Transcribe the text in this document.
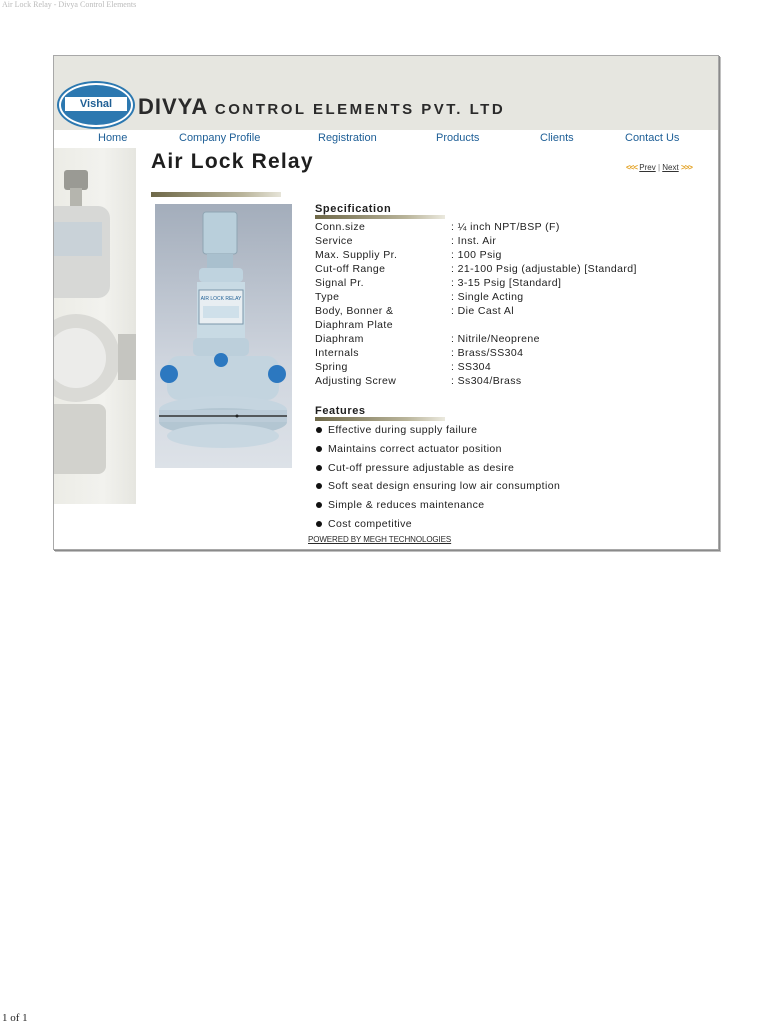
Air Lock Relay - Divya Control Elements
Vishal	DIVYA CONTROL ELEMENTS PVT. LTD
Home	Company Profile	Registration	Products	Clients	Contact Us
Air Lock Relay	<<< Prev | Next >>>
AIR LOCK RELAY
Specification
Conn.size	: ¼ inch NPT/BSP (F)
Service	: Inst. Air
Max. Suppliy Pr.	: 100 Psig
Cut-off Range	: 21-100 Psig (adjustable) [Standard]
Signal Pr.	: 3-15 Psig [Standard]
Type	: Single Acting
Body, Bonner &	: Die Cast Al
Diaphram Plate
Diaphram	: Nitrile/Neoprene
Internals	: Brass/SS304
Spring	: SS304
Adjusting Screw	: Ss304/Brass
Features
Effective during supply failure
Maintains correct actuator position
Cut-off pressure adjustable as desire
Soft seat design ensuring low air consumption
Simple & reduces maintenance
Cost competitive
POWERED BY MEGH TECHNOLOGIES
1 of 1
